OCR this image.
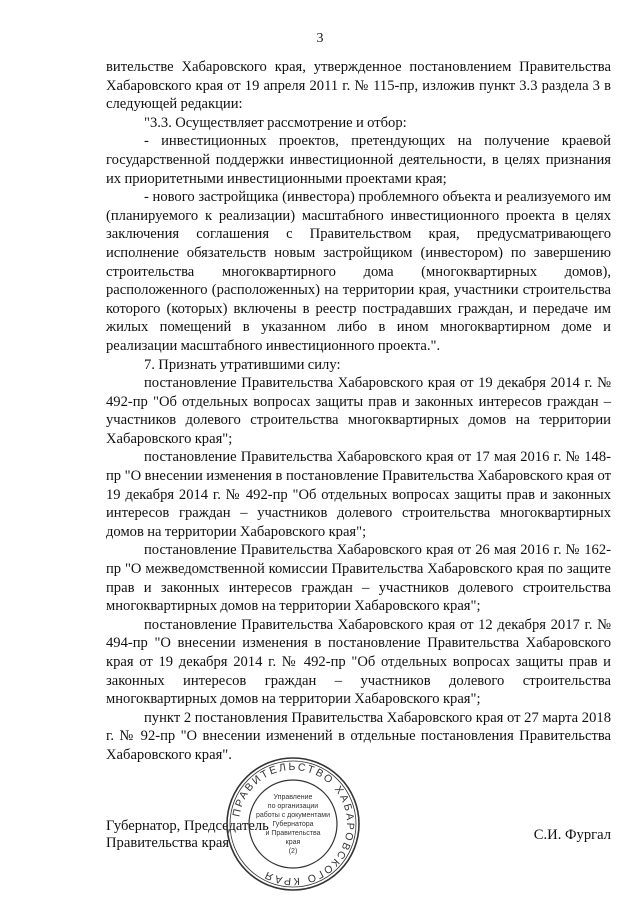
3

вительстве Хабаровского края, утвержденное постановлением Правительства Хабаровского края от 19 апреля 2011 г. № 115-пр, изложив пункт 3.3 раздела 3 в следующей редакции:

"3.3. Осуществляет рассмотрение и отбор:

- инвестиционных проектов, претендующих на получение краевой государственной поддержки инвестиционной деятельности, в целях признания их приоритетными инвестиционными проектами края;

- нового застройщика (инвестора) проблемного объекта и реализуемого им (планируемого к реализации) масштабного инвестиционного проекта в целях заключения соглашения с Правительством края, предусматривающего исполнение обязательств новым застройщиком (инвестором) по завершению строительства многоквартирного дома (многоквартирных домов), расположенного (расположенных) на территории края, участники строительства которого (которых) включены в реестр пострадавших граждан, и передаче им жилых помещений в указанном либо в ином многоквартирном доме и реализации масштабного инвестиционного проекта.".

7. Признать утратившими силу:

постановление Правительства Хабаровского края от 19 декабря 2014 г. № 492-пр "Об отдельных вопросах защиты прав и законных интересов граждан – участников долевого строительства многоквартирных домов на территории Хабаровского края";

постановление Правительства Хабаровского края от 17 мая 2016 г. № 148-пр "О внесении изменения в постановление Правительства Хабаровского края от 19 декабря 2014 г. № 492-пр "Об отдельных вопросах защиты прав и законных интересов граждан – участников долевого строительства многоквартирных домов на территории Хабаровского края";

постановление Правительства Хабаровского края от 26 мая 2016 г. № 162-пр "О межведомственной комиссии Правительства Хабаровского края по защите прав и законных интересов граждан – участников долевого строительства многоквартирных домов на территории Хабаровского края";

постановление Правительства Хабаровского края от 12 декабря 2017 г. № 494-пр "О внесении изменения в постановление Правительства Хабаровского края от 19 декабря 2014 г. № 492-пр "Об отдельных вопросах защиты прав и законных интересов граждан – участников долевого строительства многоквартирных домов на территории Хабаровского края";

пункт 2 постановления Правительства Хабаровского края от 27 марта 2018 г. № 92-пр "О внесении изменений в отдельные постановления Правительства Хабаровского края".

Губернатор, Председатель
Правительства края	С.И. Фургал
ПРАВИТЕЛЬСТВО ХАБАРОВСКОГО КРАЯ
Управление
по организации
работы с документами
Губернатора
и Правительства
края
(2)
